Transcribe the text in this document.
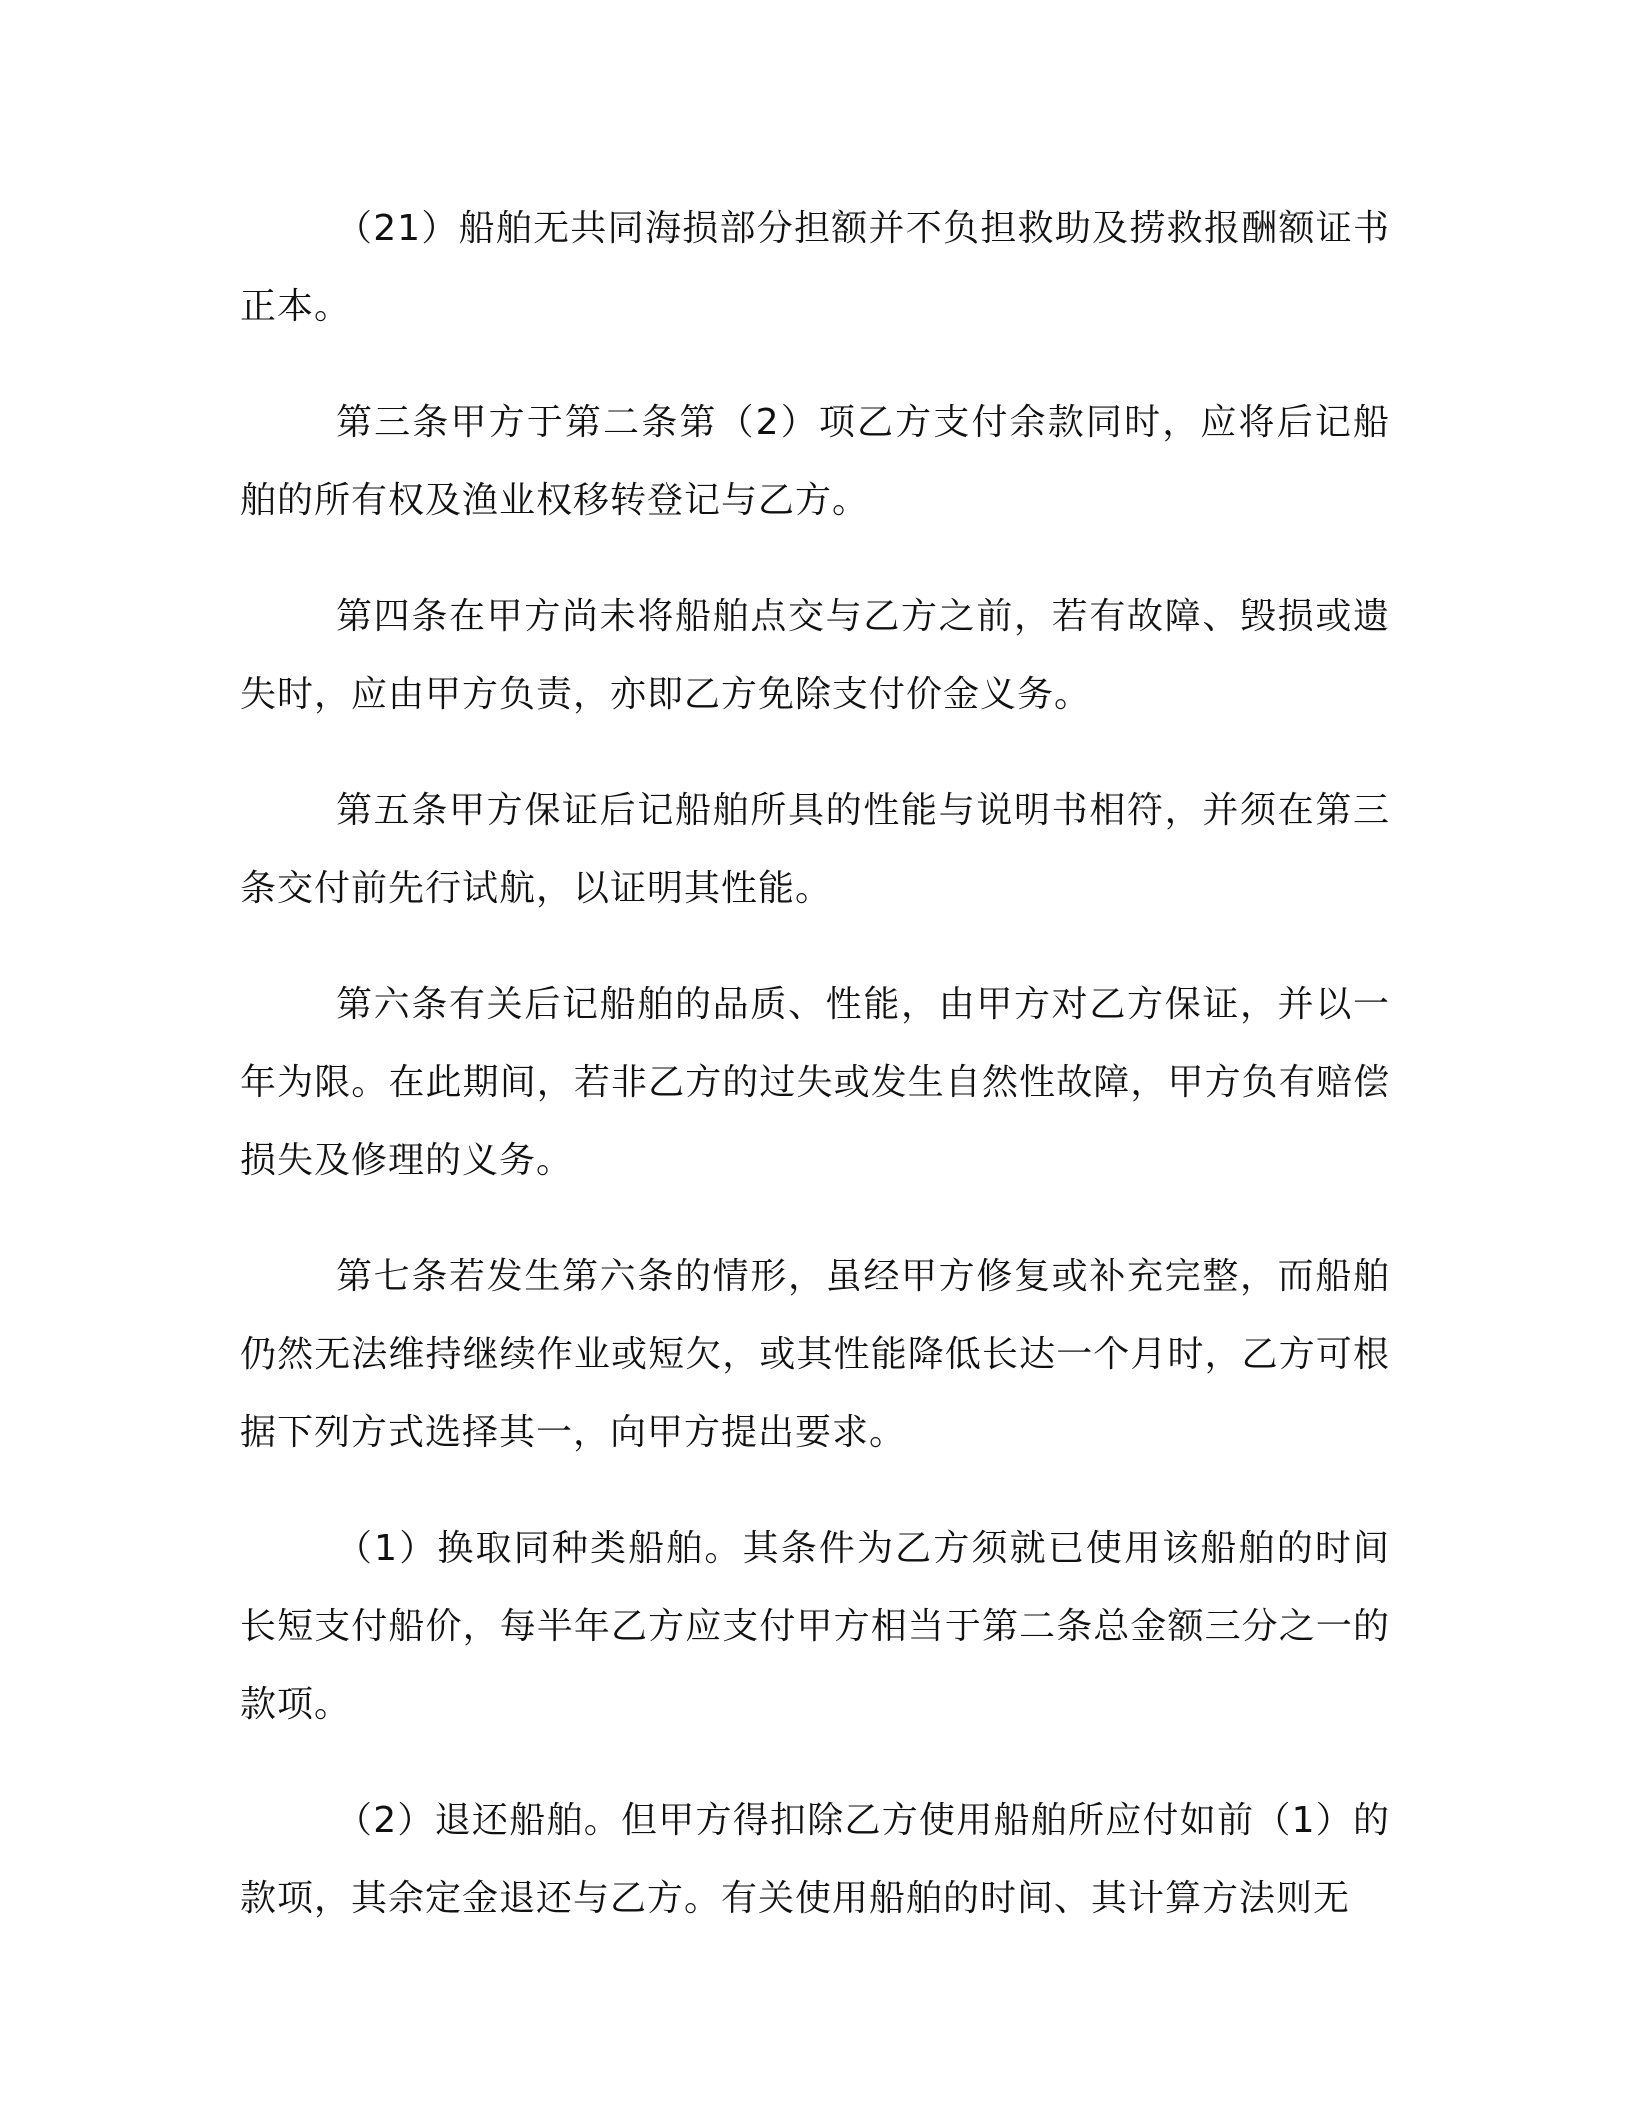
（21）船舶无共同海损部分担额并不负担救助及捞救报酬额证书正本。

第三条甲方于第二条第（2）项乙方支付余款同时，应将后记船舶的所有权及渔业权移转登记与乙方。

第四条在甲方尚未将船舶点交与乙方之前，若有故障、毁损或遗失时，应由甲方负责，亦即乙方免除支付价金义务。

第五条甲方保证后记船舶所具的性能与说明书相符，并须在第三条交付前先行试航，以证明其性能。

第六条有关后记船舶的品质、性能，由甲方对乙方保证，并以一年为限。在此期间，若非乙方的过失或发生自然性故障，甲方负有赔偿损失及修理的义务。

第七条若发生第六条的情形，虽经甲方修复或补充完整，而船舶仍然无法维持继续作业或短欠，或其性能降低长达一个月时，乙方可根据下列方式选择其一，向甲方提出要求。

（1）换取同种类船舶。其条件为乙方须就已使用该船舶的时间长短支付船价，每半年乙方应支付甲方相当于第二条总金额三分之一的款项。

（2）退还船舶。但甲方得扣除乙方使用船舶所应付如前（1）的款项，其余定金退还与乙方。有关使用船舶的时间、其计算方法则无
